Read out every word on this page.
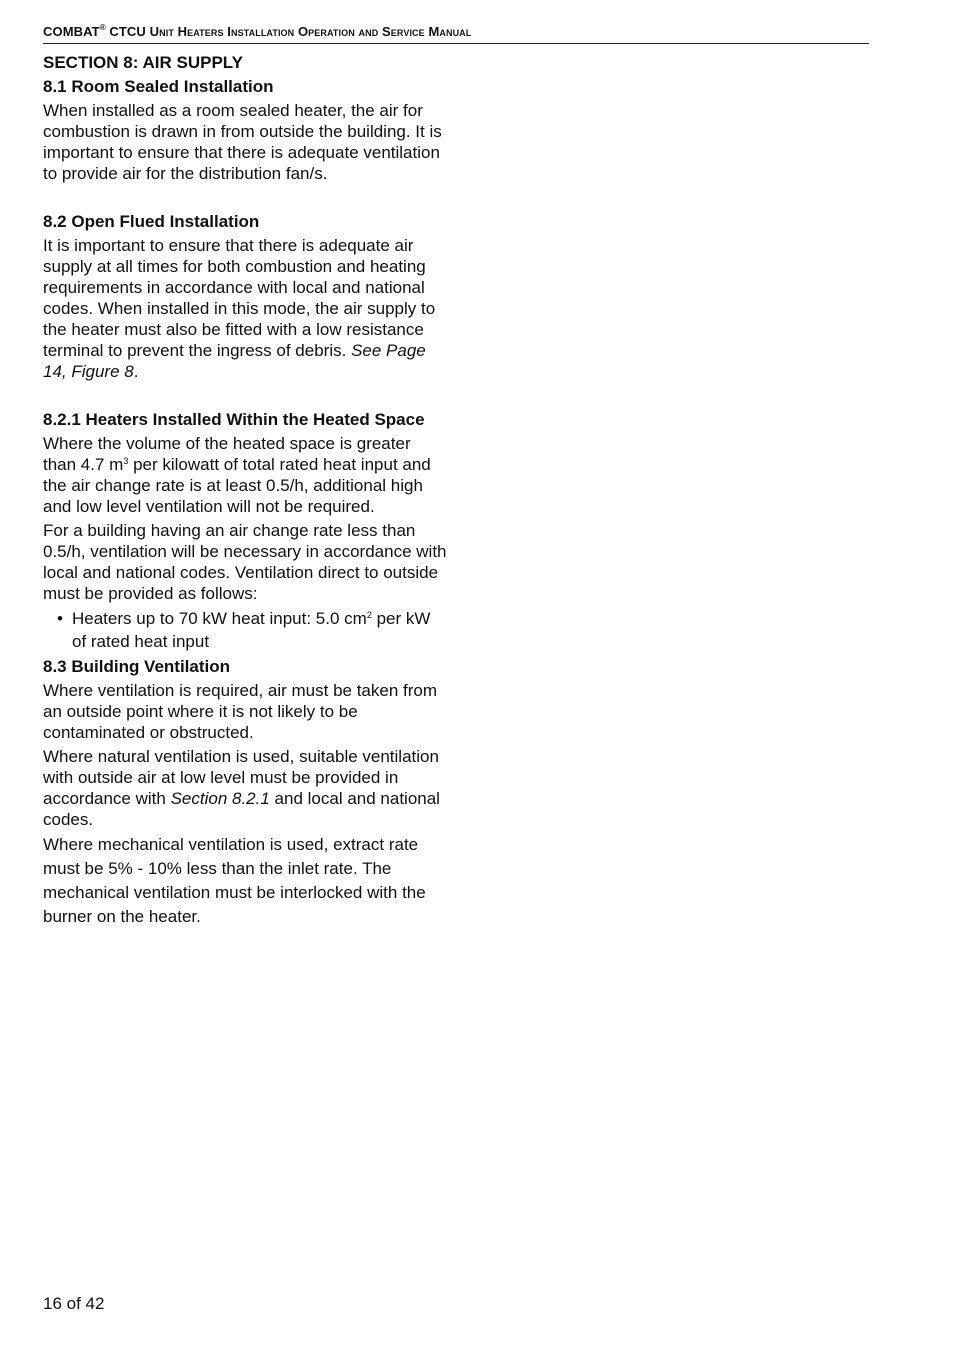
COMBAT® CTCU Unit Heaters Installation Operation and Service Manual
SECTION 8: AIR SUPPLY
8.1 Room Sealed Installation

When installed as a room sealed heater, the air for combustion is drawn in from outside the building. It is important to ensure that there is adequate ventilation to provide air for the distribution fan/s.

8.2 Open Flued Installation

It is important to ensure that there is adequate air supply at all times for both combustion and heating requirements in accordance with local and national codes. When installed in this mode, the air supply to the heater must also be fitted with a low resistance terminal to prevent the ingress of debris. See Page 14, Figure 8.

8.2.1 Heaters Installed Within the Heated Space

Where the volume of the heated space is greater than 4.7 $m^3$ per kilowatt of total rated heat input and the air change rate is at least 0.5/h, additional high and low level ventilation will not be required.

For a building having an air change rate less than 0.5/h, ventilation will be necessary in accordance with local and national codes. Ventilation direct to outside must be provided as follows:

• Heaters up to 70 kW heat input: 5.0 $cm^2$ per kW of rated heat input
8.3 Building Ventilation

Where ventilation is required, air must be taken from an outside point where it is not likely to be contaminated or obstructed.

Where natural ventilation is used, suitable ventilation with outside air at low level must be provided in accordance with Section 8.2.1 and local and national codes.

Where mechanical ventilation is used, extract rate must be 5% - 10% less than the inlet rate. The mechanical ventilation must be interlocked with the burner on the heater.

16 of 42
